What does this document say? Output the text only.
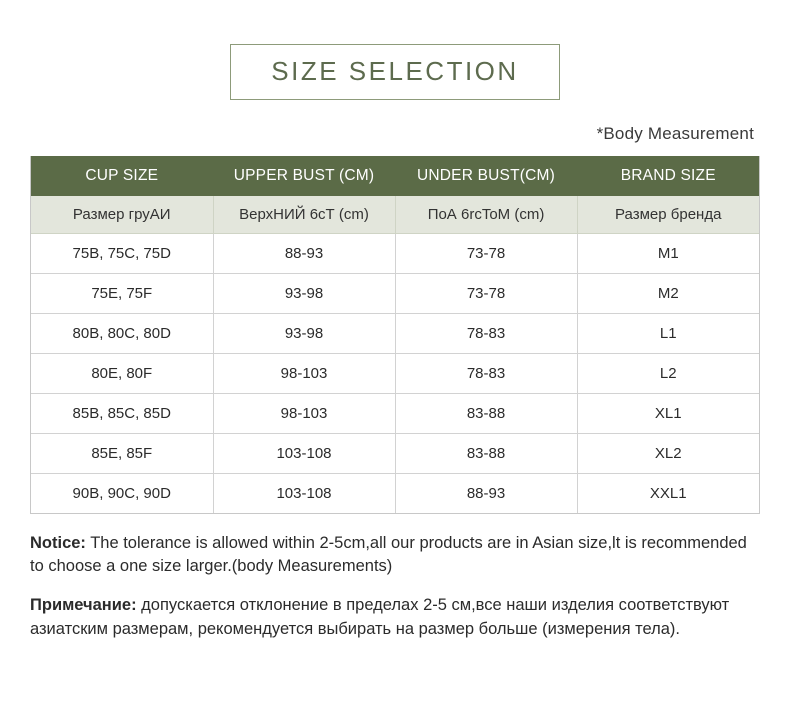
SIZE SELECTION
*Body Measurement
CUP SIZE	UPPER BUST (CM)	UNDER BUST(CM)	BRAND SIZE
Размер груАИ	ВерхНИЙ 6сТ (cm)	ПоА 6rcToM (cm)	Размер бренда
75B, 75C, 75D	88-93	73-78	M1
75E, 75F	93-98	73-78	M2
80B, 80C, 80D	93-98	78-83	L1
80E, 80F	98-103	78-83	L2
85B, 85C, 85D	98-103	83-88	XL1
85E, 85F	103-108	83-88	XL2
90B, 90C, 90D	103-108	88-93	XXL1
Notice: The tolerance is allowed within 2-5cm,all our products are in Asian size,lt is recommended to choose a one size larger.(body Measurements)
Примечание: допускается отклонение в пределах 2-5 см,все наши изделия соответствуют азиатским размерам, рекомендуется выбирать на размер больше (измерения тела).
